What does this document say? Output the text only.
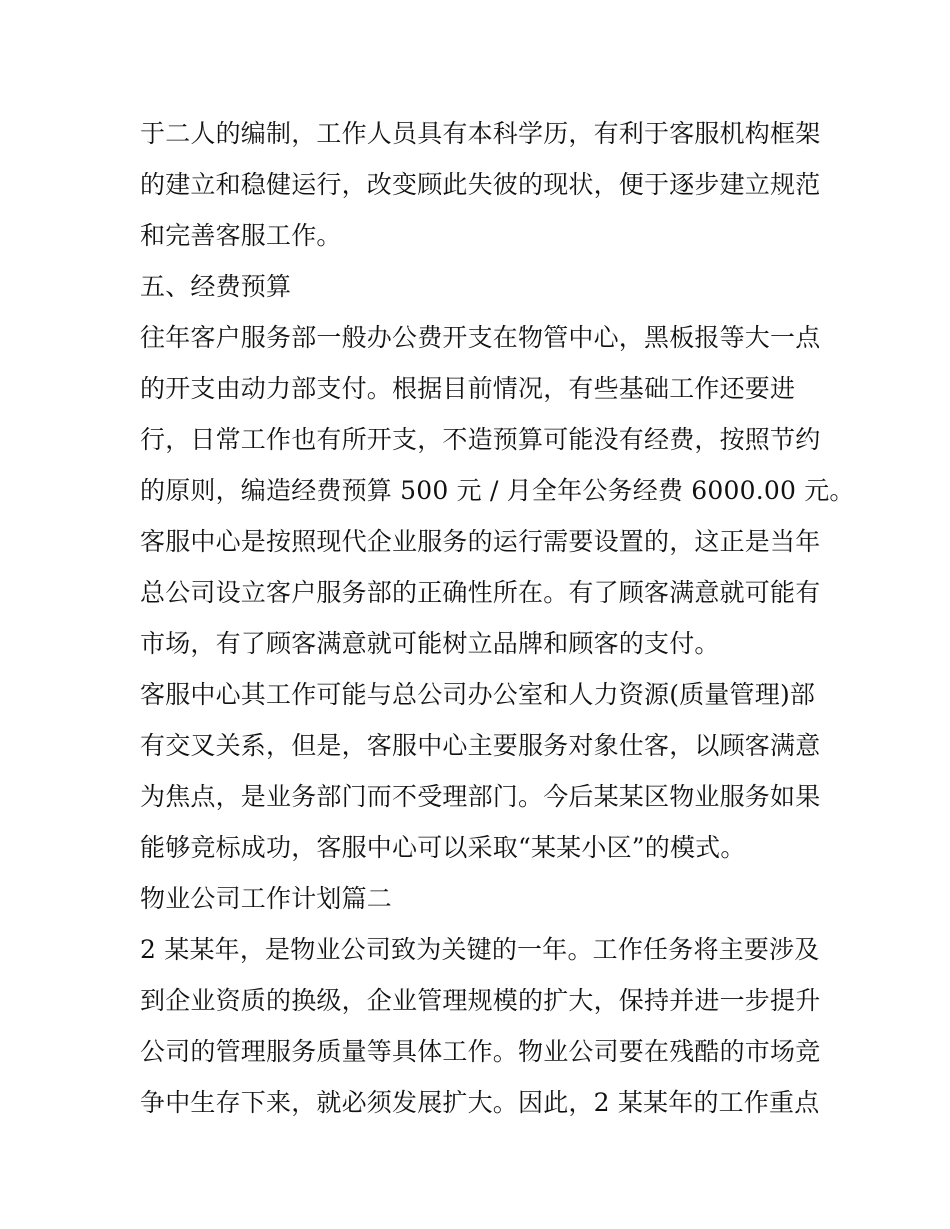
于二人的编制，工作人员具有本科学历，有利于客服机构框架
的建立和稳健运行，改变顾此失彼的现状，便于逐步建立规范
和完善客服工作。
五、经费预算
往年客户服务部一般办公费开支在物管中心，黑板报等大一点
的开支由动力部支付。根据目前情况，有些基础工作还要进
行，日常工作也有所开支，不造预算可能没有经费，按照节约
的原则，编造经费预算 500 元 / 月全年公务经费 6000.00 元。
客服中心是按照现代企业服务的运行需要设置的，这正是当年
总公司设立客户服务部的正确性所在。有了顾客满意就可能有
市场，有了顾客满意就可能树立品牌和顾客的支付。
客服中心其工作可能与总公司办公室和人力资源(质量管理)部
有交叉关系，但是，客服中心主要服务对象仕客，以顾客满意
为焦点，是业务部门而不受理部门。今后某某区物业服务如果
能够竞标成功，客服中心可以采取“某某小区”的模式。
物业公司工作计划篇二
2 某某年，是物业公司致为关键的一年。工作任务将主要涉及
到企业资质的换级，企业管理规模的扩大，保持并进一步提升
公司的管理服务质量等具体工作。物业公司要在残酷的市场竞
争中生存下来，就必须发展扩大。因此，2 某某年的工作重点
